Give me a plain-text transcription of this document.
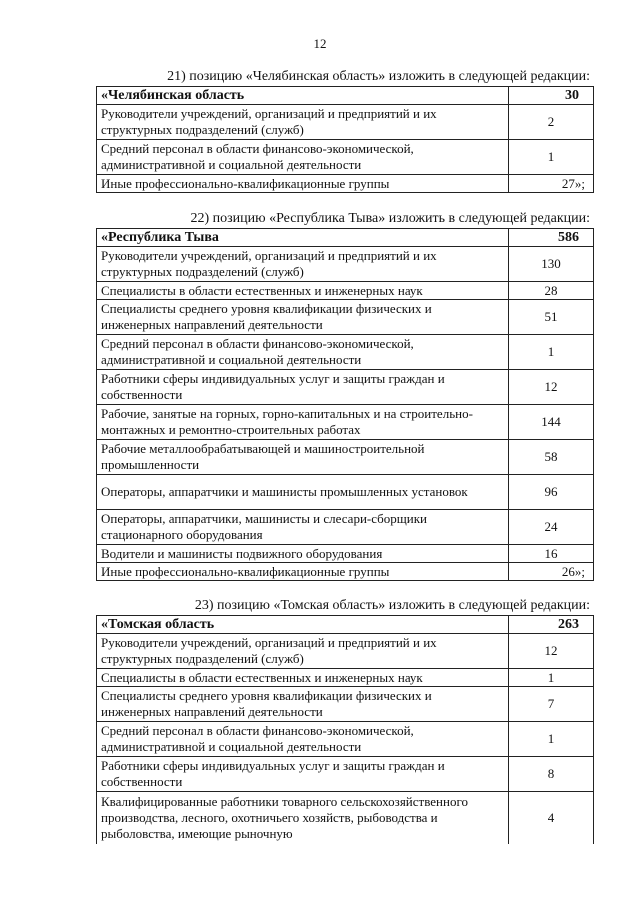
12
21) позицию «Челябинская область» изложить в следующей редакции:
«Челябинская область	30
Руководители учреждений, организаций и предприятий и их структурных подразделений (служб)	2
Средний персонал в области финансово-экономической, административной и социальной деятельности	1
Иные профессионально-квалификационные группы	27»;
22) позицию «Республика Тыва» изложить в следующей редакции:
«Республика Тыва	586
Руководители учреждений, организаций и предприятий и их структурных подразделений (служб)	130
Специалисты в области естественных и инженерных наук	28
Специалисты среднего уровня квалификации физических и инженерных направлений деятельности	51
Средний персонал в области финансово-экономической, административной и социальной деятельности	1
Работники сферы индивидуальных услуг и защиты граждан и собственности	12
Рабочие, занятые на горных, горно-капитальных и на строительно-монтажных и ремонтно-строительных работах	144
Рабочие металлообрабатывающей и машиностроительной промышленности	58
Операторы, аппаратчики и машинисты промышленных установок	96
Операторы, аппаратчики, машинисты и слесари-сборщики стационарного оборудования	24
Водители и машинисты подвижного оборудования	16
Иные профессионально-квалификационные группы	26»;
23) позицию «Томская область» изложить в следующей редакции:
«Томская область	263
Руководители учреждений, организаций и предприятий и их структурных подразделений (служб)	12
Специалисты в области естественных и инженерных наук	1
Специалисты среднего уровня квалификации физических и инженерных направлений деятельности	7
Средний персонал в области финансово-экономической, административной и социальной деятельности	1
Работники сферы индивидуальных услуг и защиты граждан и собственности	8
Квалифицированные работники товарного сельскохозяйственного производства, лесного, охотничьего хозяйств, рыбоводства и рыболовства, имеющие рыночную	4
